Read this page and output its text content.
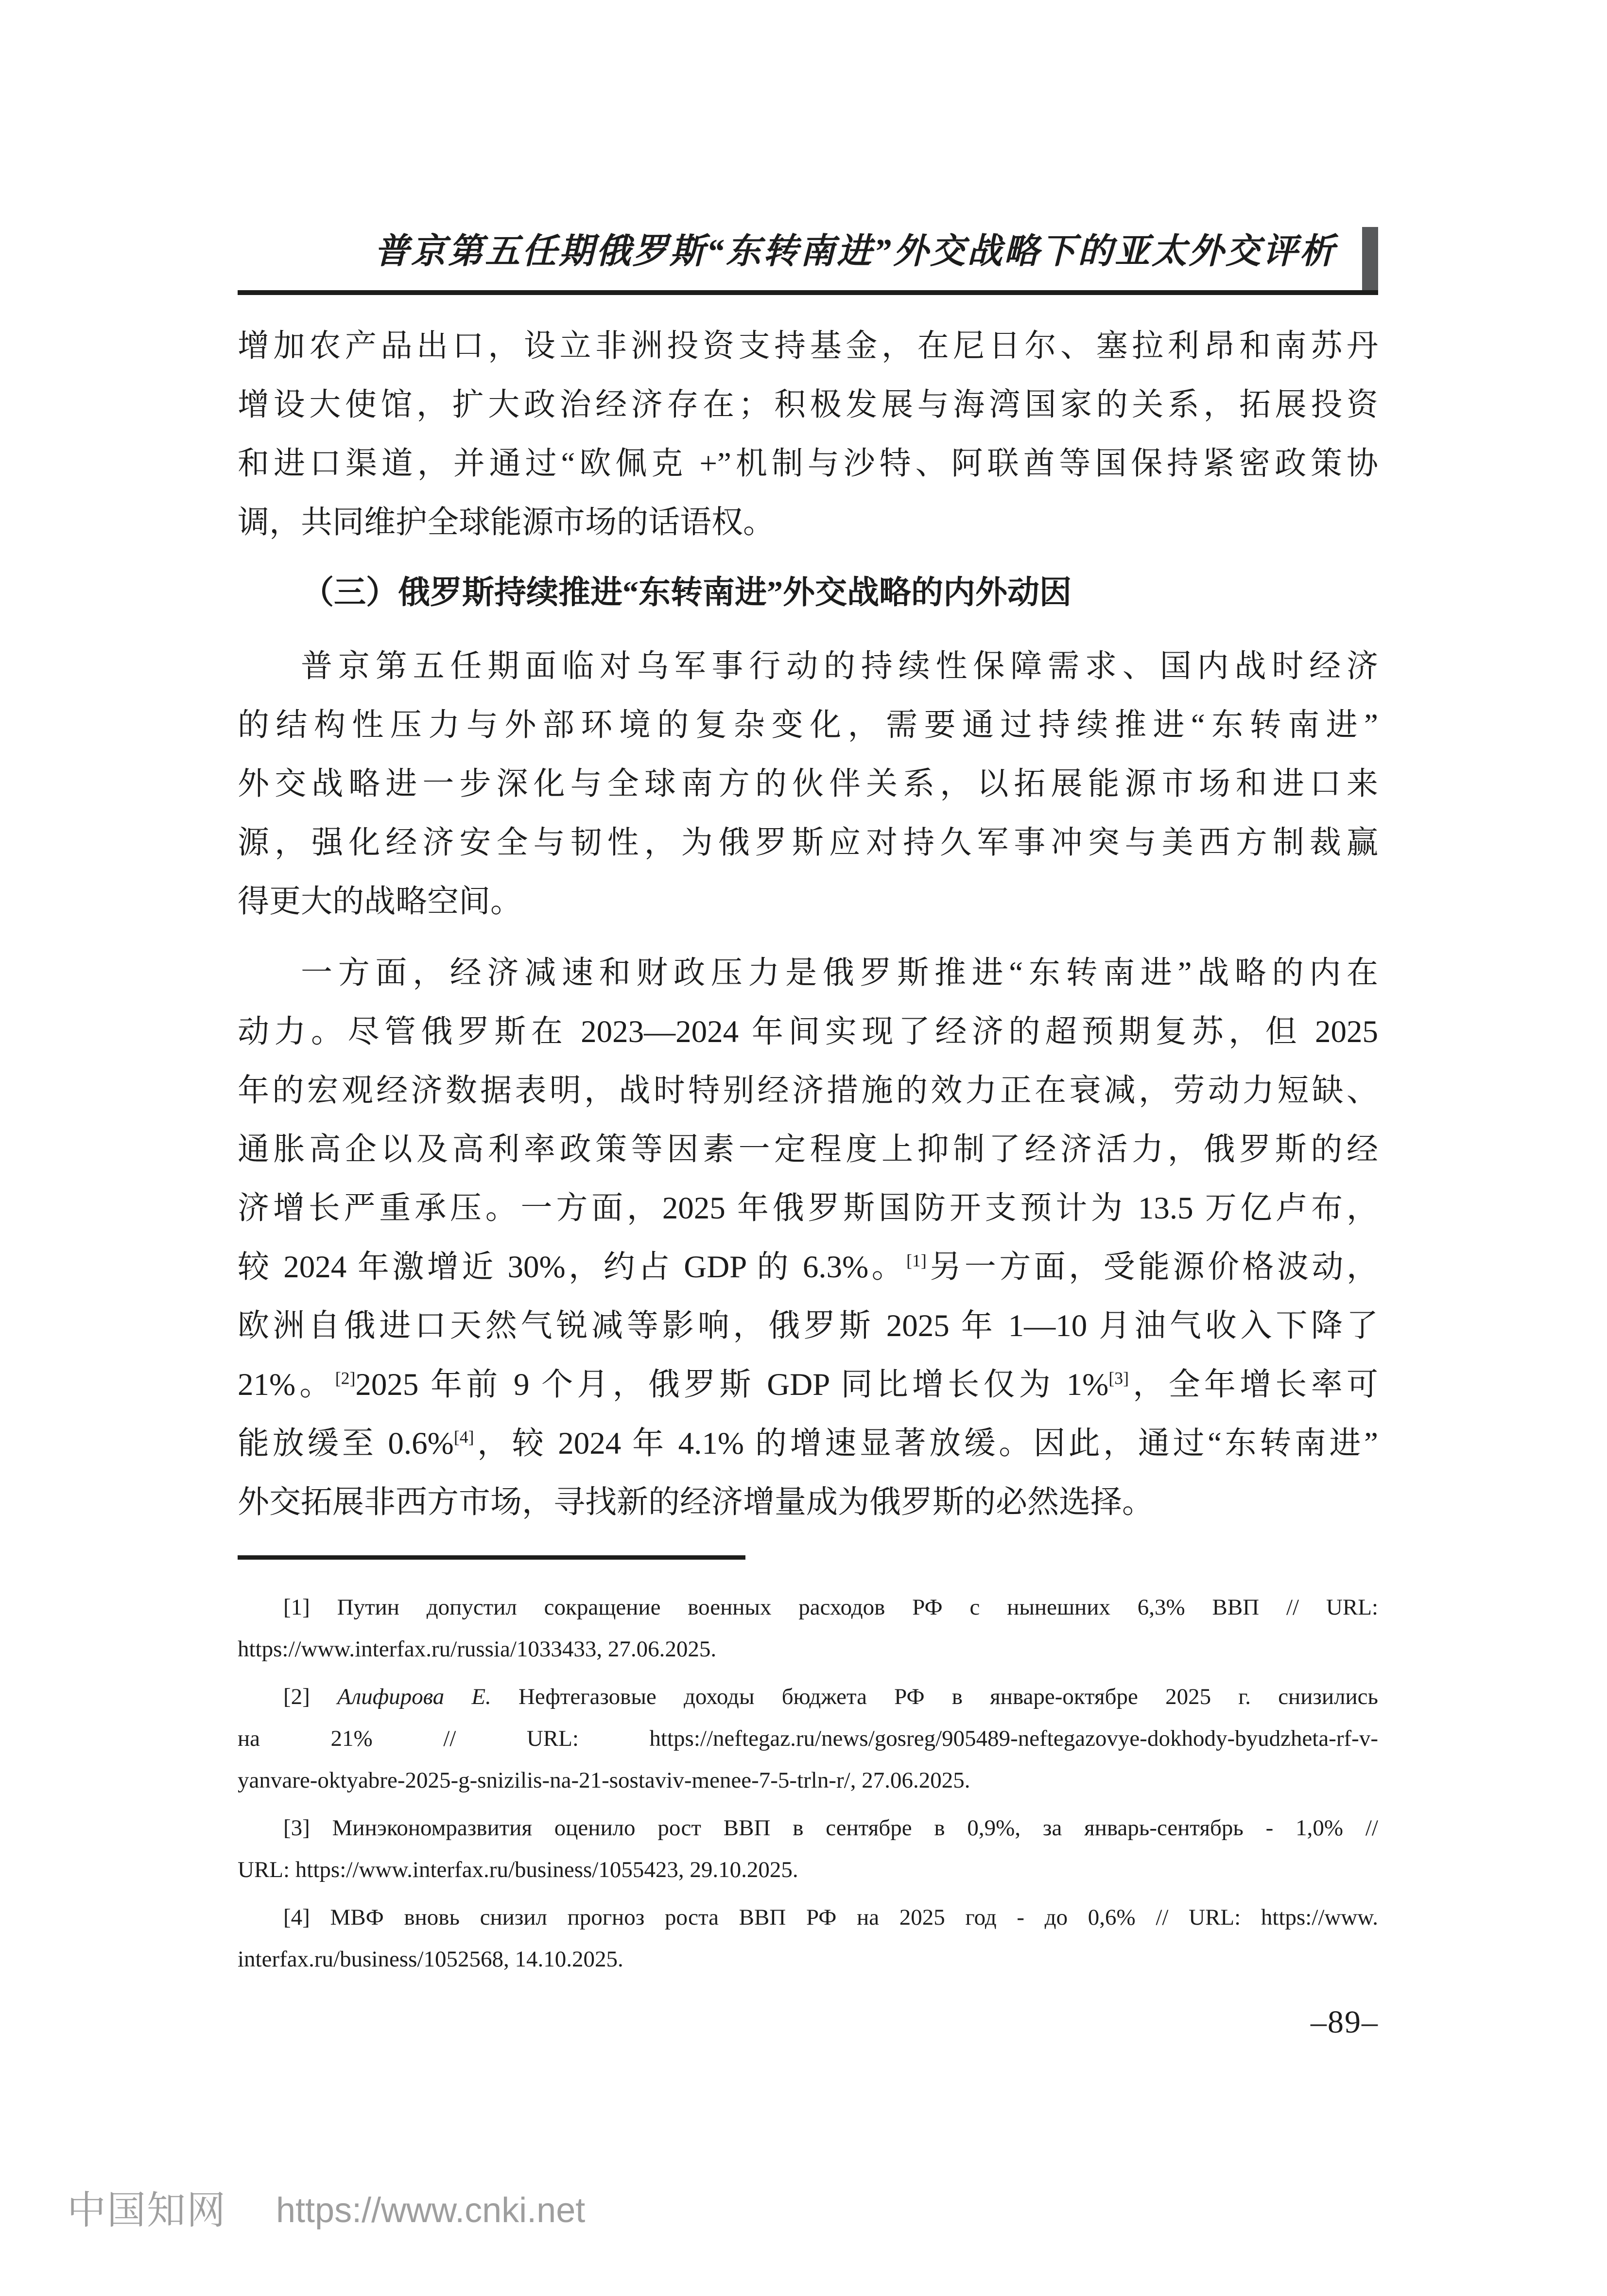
普京第五任期俄罗斯“东转南进”外交战略下的亚太外交评析
增加农产品出口，设立非洲投资支持基金，在尼日尔、塞拉利昂和南苏丹
增设大使馆，扩大政治经济存在；积极发展与海湾国家的关系，拓展投资
和进口渠道，并通过“欧佩克 +”机制与沙特、阿联酋等国保持紧密政策协
调，共同维护全球能源市场的话语权。
（三）俄罗斯持续推进“东转南进”外交战略的内外动因
普京第五任期面临对乌军事行动的持续性保障需求、国内战时经济
的结构性压力与外部环境的复杂变化，需要通过持续推进“东转南进”
外交战略进一步深化与全球南方的伙伴关系，以拓展能源市场和进口来
源，强化经济安全与韧性，为俄罗斯应对持久军事冲突与美西方制裁赢
得更大的战略空间。
一方面，经济减速和财政压力是俄罗斯推进“东转南进”战略的内在
动力。尽管俄罗斯在 2023—2024 年间实现了经济的超预期复苏，但 2025
年的宏观经济数据表明，战时特别经济措施的效力正在衰减，劳动力短缺、
通胀高企以及高利率政策等因素一定程度上抑制了经济活力，俄罗斯的经
济增长严重承压。一方面，2025 年俄罗斯国防开支预计为 13.5 万亿卢布，
较 2024 年激增近 30%，约占 GDP 的 6.3%。[1]另一方面，受能源价格波动，
欧洲自俄进口天然气锐减等影响，俄罗斯 2025 年 1—10 月油气收入下降了
21%。[2]2025 年前 9 个月，俄罗斯 GDP 同比增长仅为 1%[3]，全年增长率可
能放缓至 0.6%[4]，较 2024 年 4.1% 的增速显著放缓。因此，通过“东转南进”
外交拓展非西方市场，寻找新的经济增量成为俄罗斯的必然选择。
[1] Путин допустил сокращение военных расходов РФ с нынешних 6,3% ВВП // URL:
https://www.interfax.ru/russia/1033433, 27.06.2025.
[2] Алифирова Е. Нефтегазовые доходы бюджета РФ в январе-октябре 2025 г. снизились
на 21% // URL: https://neftegaz.ru/news/gosreg/905489-neftegazovye-dokhody-byudzheta-rf-v-
yanvare-oktyabre-2025-g-snizilis-na-21-sostaviv-menee-7-5-trln-r/, 27.06.2025.
[3] Минэкономразвития оценило рост ВВП в сентябре в 0,9%, за январь-сентябрь - 1,0% //
URL: https://www.interfax.ru/business/1055423, 29.10.2025.
[4] МВФ вновь снизил прогноз роста ВВП РФ на 2025 год - до 0,6% // URL: https://www.
interfax.ru/business/1052568, 14.10.2025.
–89–
中国知网 https://www.cnki.net
